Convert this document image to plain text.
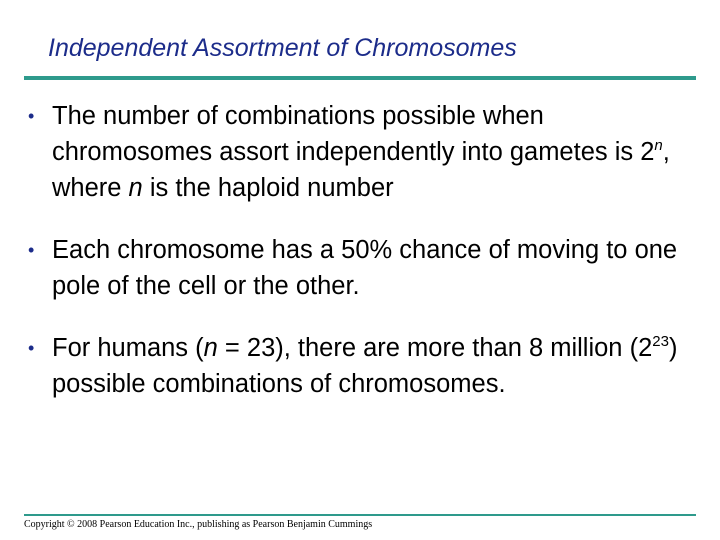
Independent Assortment of Chromosomes
• The number of combinations possible when chromosomes assort independently into gametes is 2$^n$, where n is the haploid number
• Each chromosome has a 50% chance of moving to one pole of the cell or the other.
• For humans (n = 23), there are more than 8 million $(2^{23})$ possible combinations of chromosomes.
Copyright © 2008 Pearson Education Inc., publishing as Pearson Benjamin Cummings
